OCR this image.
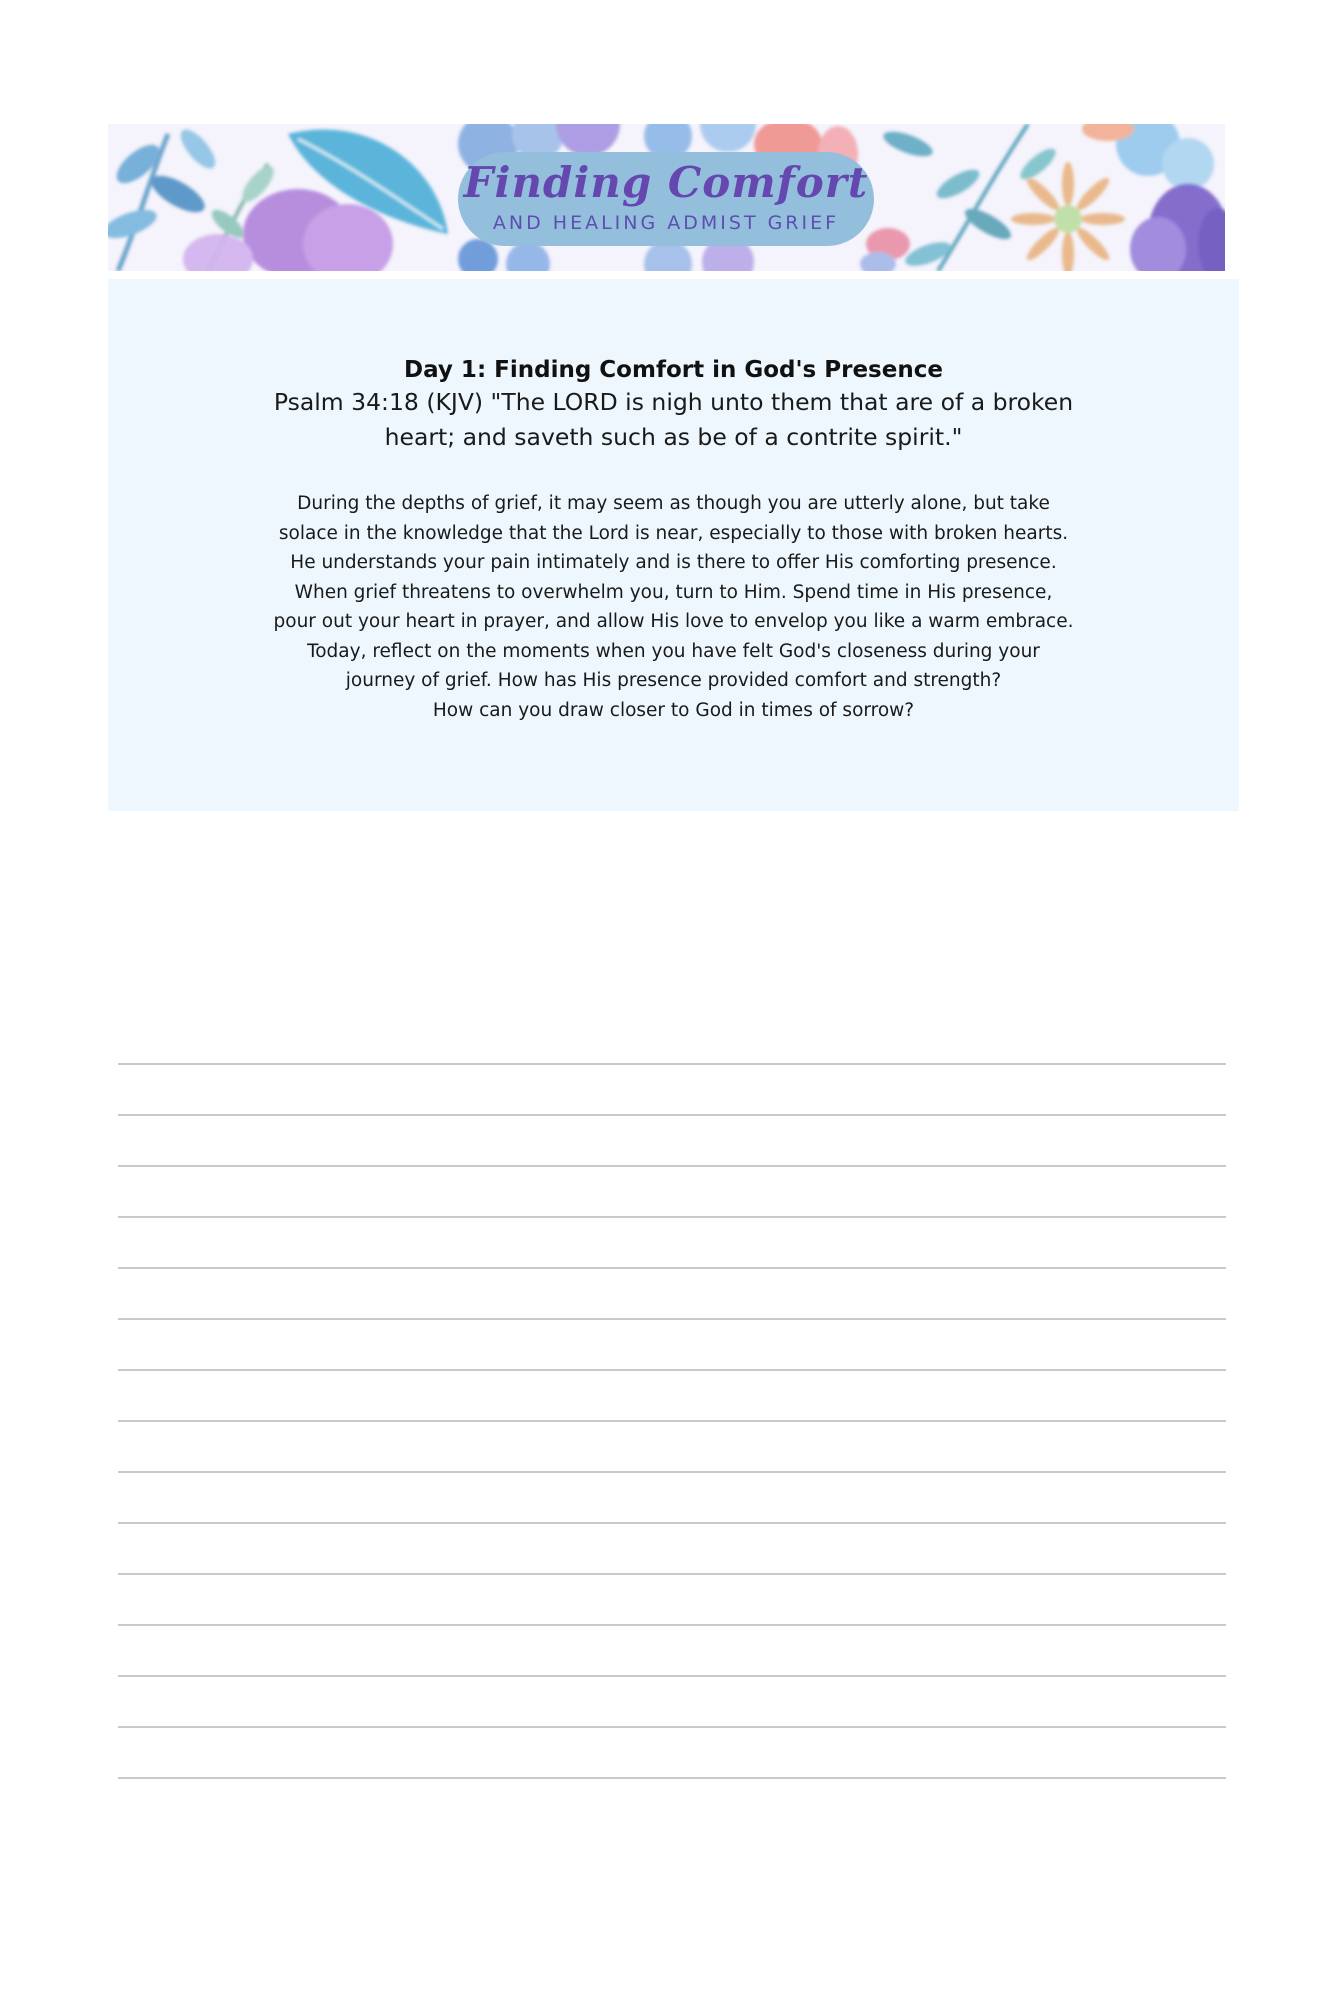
Finding Comfort
AND HEALING ADMIST GRIEF
Day 1: Finding Comfort in God's Presence
Psalm 34:18 (KJV) "The LORD is nigh unto them that are of a broken
heart; and saveth such as be of a contrite spirit."
During the depths of grief, it may seem as though you are utterly alone, but take
solace in the knowledge that the Lord is near, especially to those with broken hearts.
He understands your pain intimately and is there to offer His comforting presence.
When grief threatens to overwhelm you, turn to Him. Spend time in His presence,
pour out your heart in prayer, and allow His love to envelop you like a warm embrace.
Today, reflect on the moments when you have felt God's closeness during your
journey of grief. How has His presence provided comfort and strength?
How can you draw closer to God in times of sorrow?
